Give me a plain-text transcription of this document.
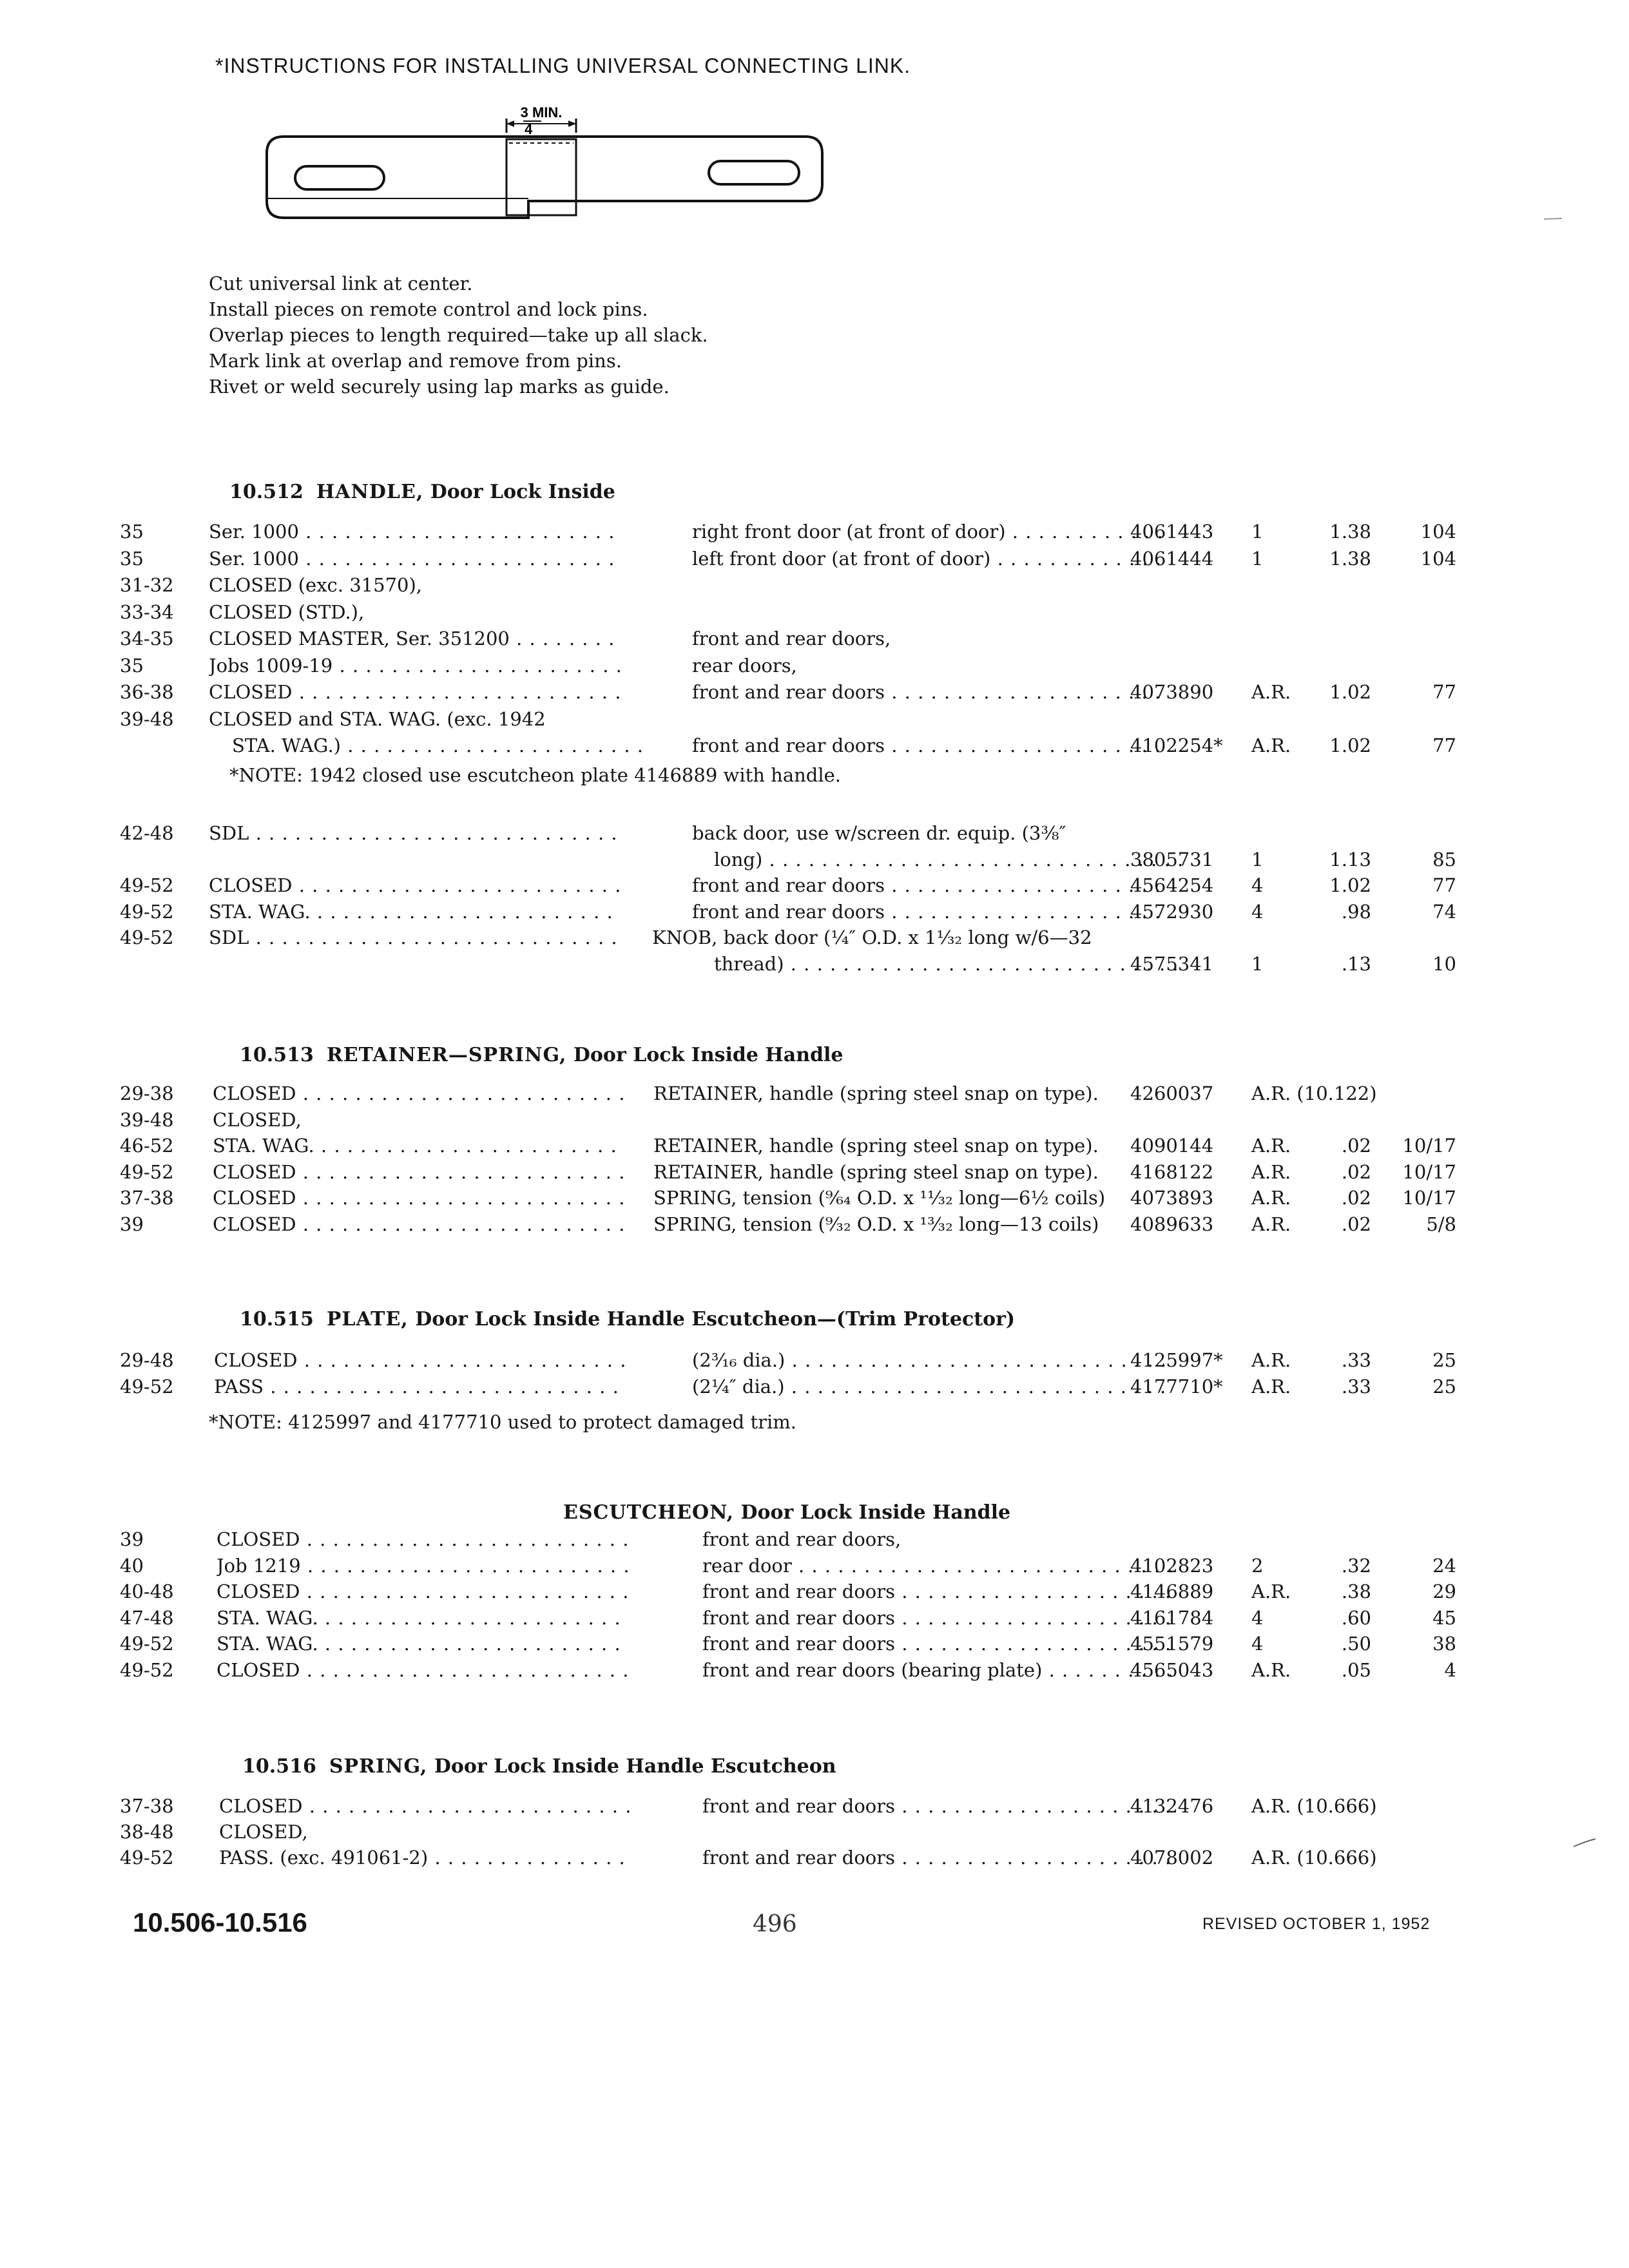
*INSTRUCTIONS FOR INSTALLING UNIVERSAL CONNECTING LINK.
3 MIN.
4
Cut universal link at center.
Install pieces on remote control and lock pins.
Overlap pieces to length required—take up all slack.
Mark link at overlap and remove from pins.
Rivet or weld securely using lap marks as guide.
10.512 HANDLE, Door Lock Inside
35	Ser. 1000 . . .	right front door (at front of door) . . .	4061443 1	1.38	104
35	Ser. 1000 . . .	left front door (at front of door) . . .	4061444 1	1.38	104
31-32 CLOSED (exc. 31570),
33-34 CLOSED (STD.),
34-35 CLOSED MASTER, Ser. 351200 . . .	front and rear doors,
35	Jobs 1009-19 . . .	rear doors,
36-38 CLOSED . . .	front and rear doors . . .	4073890 A.R.	1.02	77
39-48 CLOSED and STA. WAG. (exc. 1942
STA. WAG.) . . .	front and rear doors . . .	4102254* A.R.	1.02	77
*NOTE: 1942 closed use escutcheon plate 4146889 with handle.
42-48 SDL . . .	back door, use w/screen dr. equip. (3⅜″
long) . . .	3805731 1	1.13	85
49-52 CLOSED . . .	front and rear doors . . .	4564254 4	1.02	77
49-52 STA. WAG. . . .	front and rear doors . . .	4572930 4	.98	74
49-52 SDL . . .	KNOB, back door (¼″ O.D. x 1¹⁄₃₂ long w/6—32
thread) . . .	4575341 1	.13	10
10.513 RETAINER—SPRING, Door Lock Inside Handle
29-38 CLOSED . . .	RETAINER, handle (spring steel snap on type).	4260037 A.R. (10.122)
39-48 CLOSED,
46-52 STA. WAG. . . .	RETAINER, handle (spring steel snap on type).	4090144 A.R.	.02	10/17
49-52 CLOSED . . .	RETAINER, handle (spring steel snap on type).	4168122 A.R.	.02	10/17
37-38 CLOSED . . .	SPRING, tension (⁹⁄₆₄ O.D. x ¹¹⁄₃₂ long—6½ coils)	4073893 A.R.	.02	10/17
39	CLOSED . . .	SPRING, tension (⁹⁄₃₂ O.D. x ¹³⁄₃₂ long—13 coils)	4089633 A.R.	.02	5/8
10.515 PLATE, Door Lock Inside Handle Escutcheon—(Trim Protector)
29-48 CLOSED . . .	(2³⁄₁₆ dia.) . . .	4125997* A.R.	.33	25
49-52 PASS . . .	(2¼″ dia.) . . .	4177710* A.R.	.33	25
*NOTE: 4125997 and 4177710 used to protect damaged trim.
ESCUTCHEON, Door Lock Inside Handle
39	CLOSED . . .	front and rear doors,
40	Job 1219 . . .	rear door . . .	4102823 2	.32	24
40-48 CLOSED . . .	front and rear doors . . .	4146889 A.R.	.38	29
47-48 STA. WAG. . . .	front and rear doors . . .	4161784 4	.60	45
49-52 STA. WAG. . . .	front and rear doors . . .	4551579 4	.50	38
49-52 CLOSED . . .	front and rear doors (bearing plate) . . .	4565043 A.R.	.05	4
10.516 SPRING, Door Lock Inside Handle Escutcheon
37-38 CLOSED . . .	front and rear doors . . .	4132476 A.R. (10.666)
38-48 CLOSED,
49-52 PASS. (exc. 491061-2) . . .	front and rear doors . . .	4078002 A.R. (10.666)
10.506-10.516	496	REVISED OCTOBER 1, 1952
